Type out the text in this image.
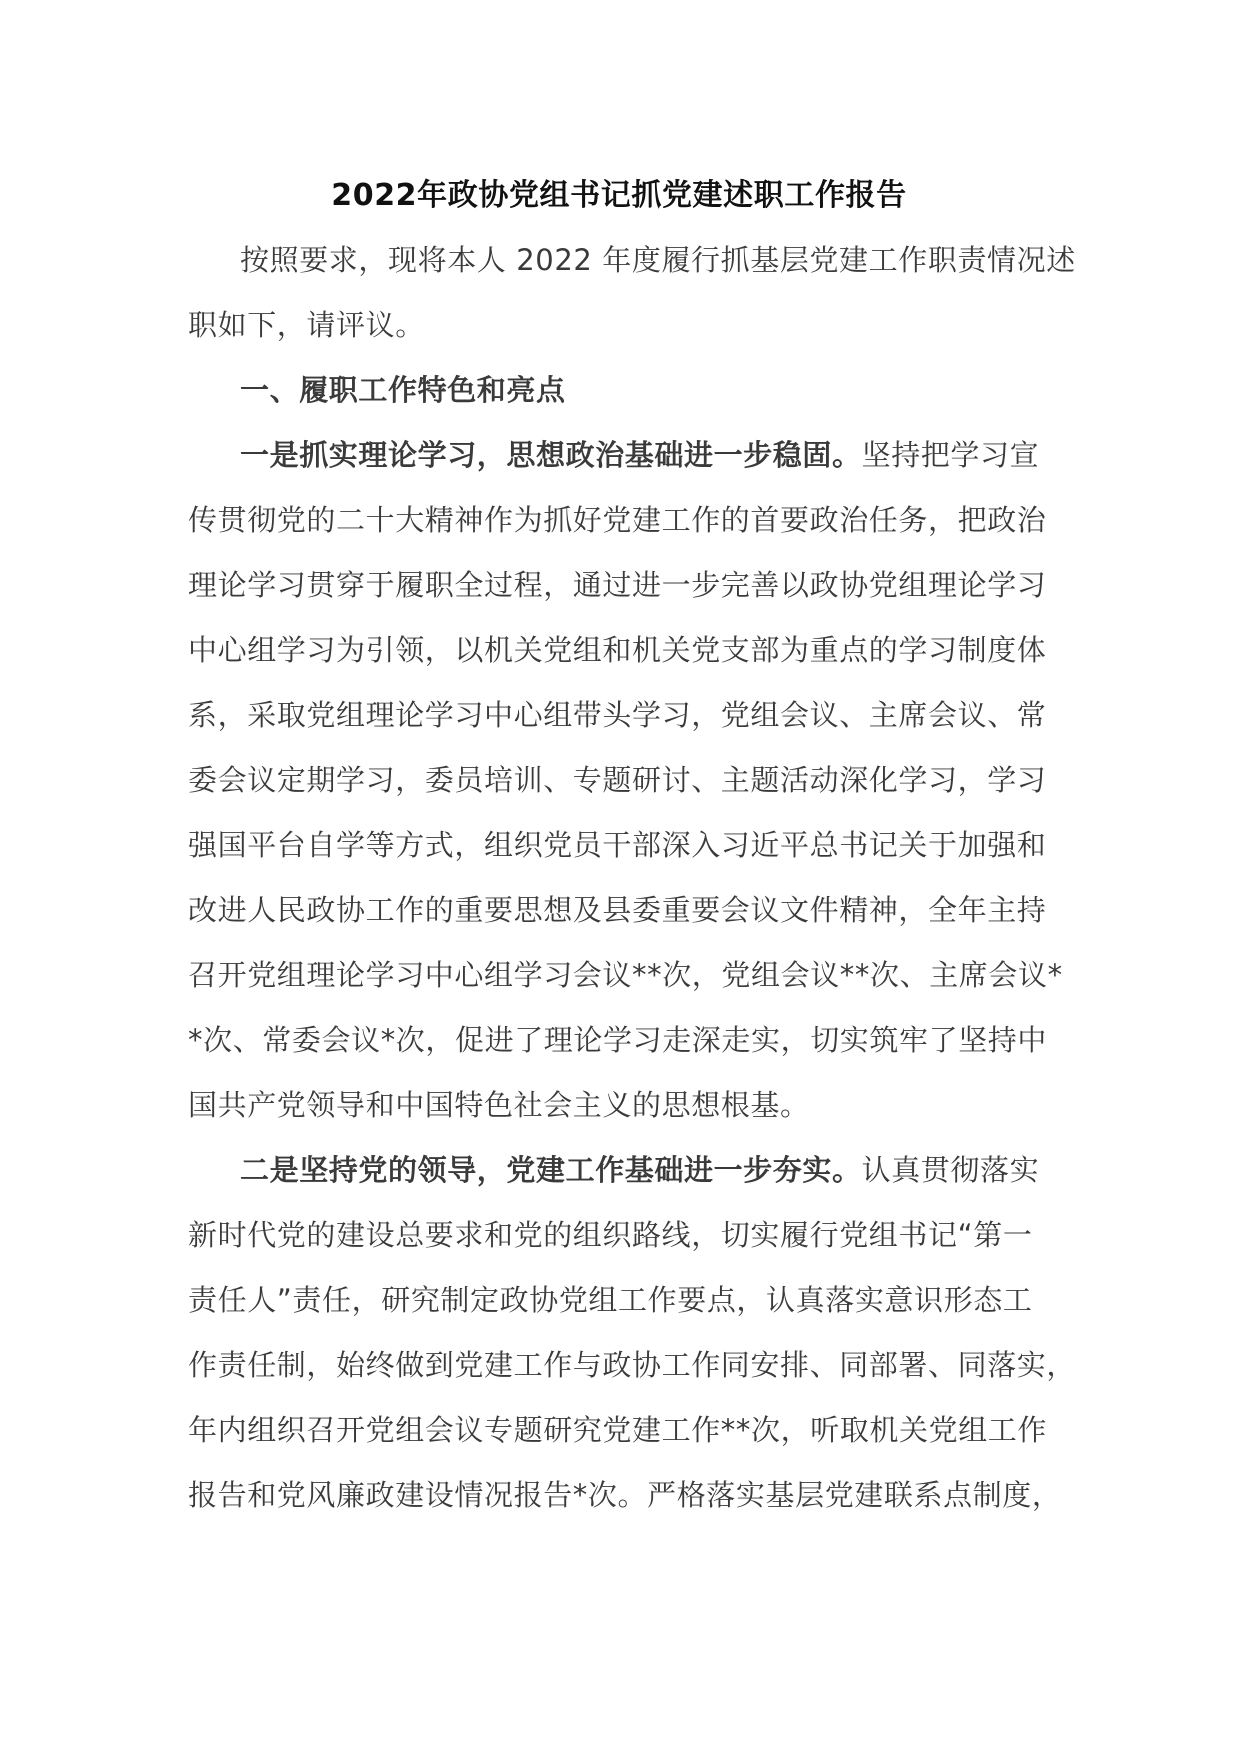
2022年政协党组书记抓党建述职工作报告
按照要求，现将本人 2022 年度履行抓基层党建工作职责情况述
职如下，请评议。
一、履职工作特色和亮点
一是抓实理论学习，思想政治基础进一步稳固。坚持把学习宣
传贯彻党的二十大精神作为抓好党建工作的首要政治任务，把政治
理论学习贯穿于履职全过程，通过进一步完善以政协党组理论学习
中心组学习为引领，以机关党组和机关党支部为重点的学习制度体
系，采取党组理论学习中心组带头学习，党组会议、主席会议、常
委会议定期学习，委员培训、专题研讨、主题活动深化学习，学习
强国平台自学等方式，组织党员干部深入习近平总书记关于加强和
改进人民政协工作的重要思想及县委重要会议文件精神，全年主持
召开党组理论学习中心组学习会议**次，党组会议**次、主席会议*
*次、常委会议*次，促进了理论学习走深走实，切实筑牢了坚持中
国共产党领导和中国特色社会主义的思想根基。
二是坚持党的领导，党建工作基础进一步夯实。认真贯彻落实
新时代党的建设总要求和党的组织路线，切实履行党组书记“第一
责任人”责任，研究制定政协党组工作要点，认真落实意识形态工
作责任制，始终做到党建工作与政协工作同安排、同部署、同落实，
年内组织召开党组会议专题研究党建工作**次，听取机关党组工作
报告和党风廉政建设情况报告*次。严格落实基层党建联系点制度，
